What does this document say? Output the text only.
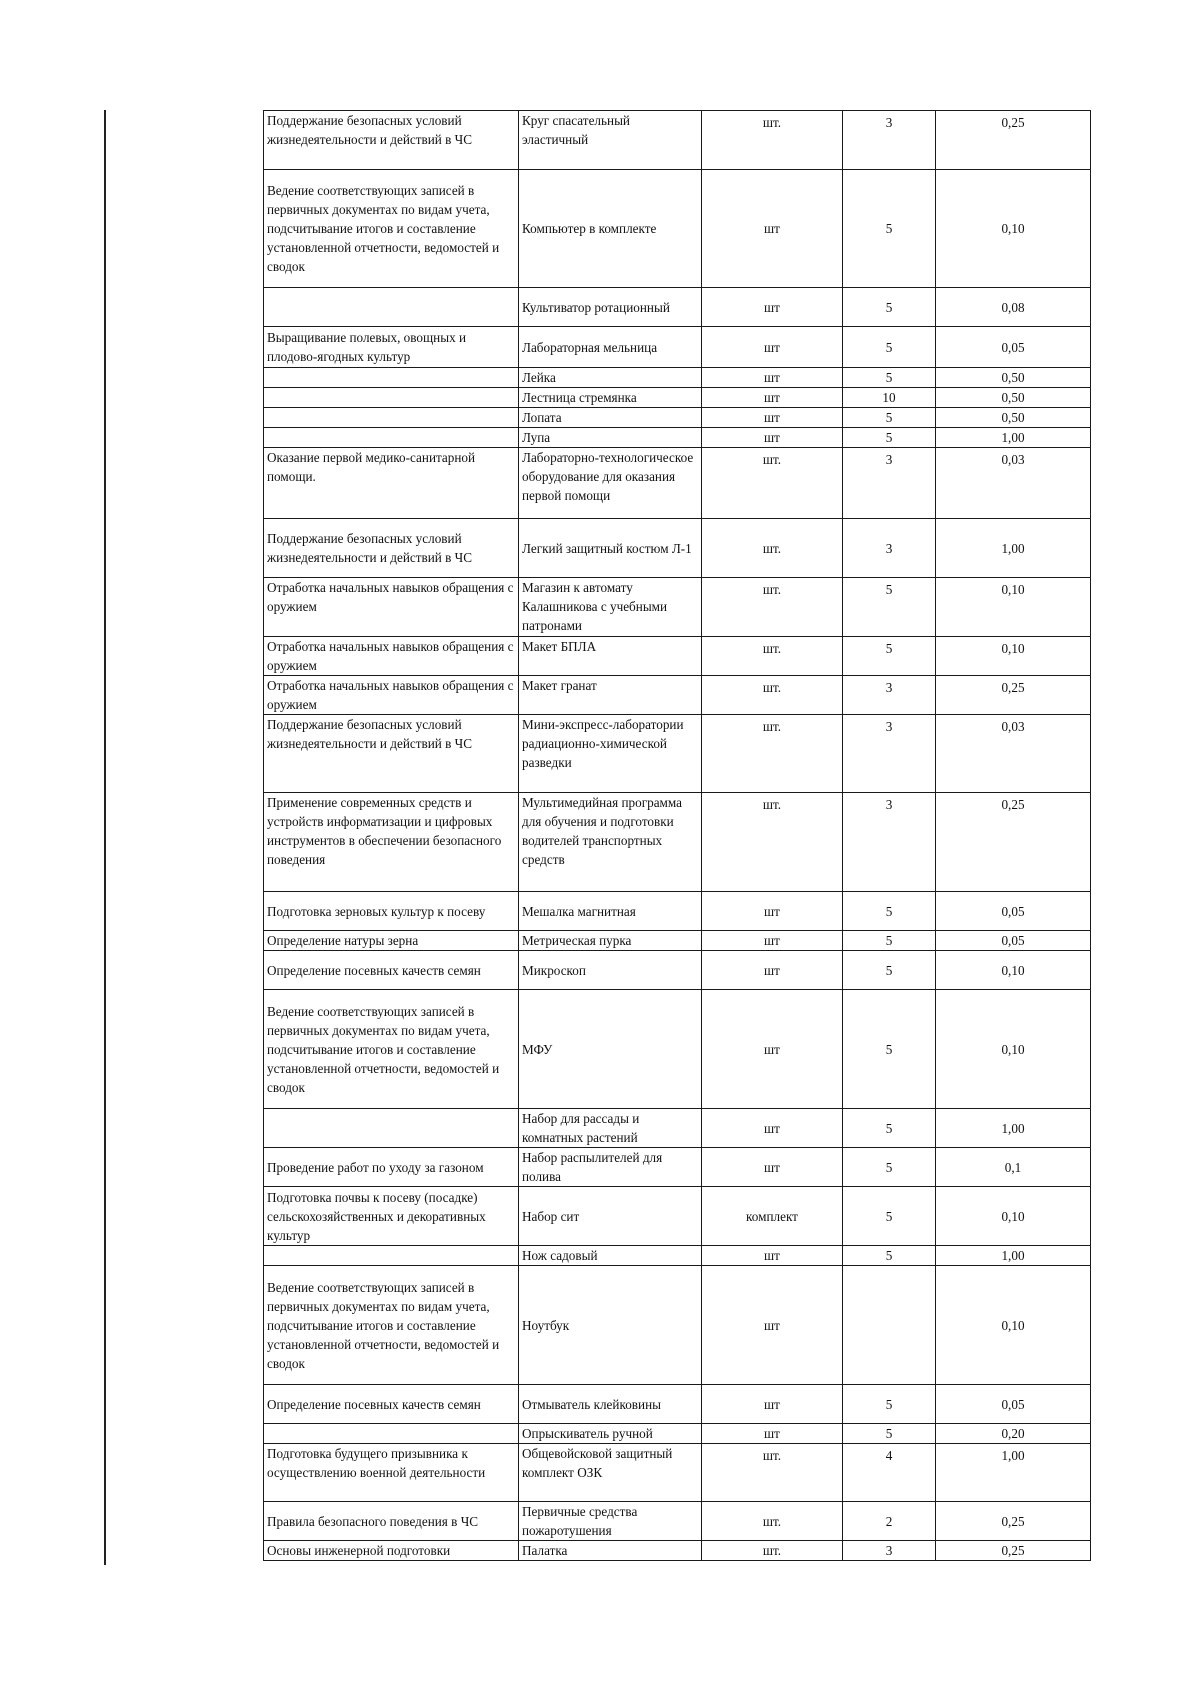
Поддержание безопасных условий жизнедеятельности и действий в ЧС	Круг спасательный эластичный	шт.	3	0,25
Ведение соответствующих записей в первичных документах по видам учета, подсчитывание итогов и составление установленной отчетности, ведомостей и сводок	Компьютер в комплекте	шт	5	0,10
	Культиватор ротационный	шт	5	0,08
Выращивание полевых, овощных и плодово-ягодных культур	Лабораторная мельница	шт	5	0,05
	Лейка	шт	5	0,50
	Лестница стремянка	шт	10	0,50
	Лопата	шт	5	0,50
	Лупа	шт	5	1,00
Оказание первой медико-санитарной помощи.	Лабораторно-технологическое оборудование для оказания первой помощи	шт.	3	0,03
Поддержание безопасных условий жизнедеятельности и действий в ЧС	Легкий защитный костюм Л-1	шт.	3	1,00
Отработка начальных навыков обращения с оружием	Магазин к автомату Калашникова с учебными патронами	шт.	5	0,10
Отработка начальных навыков обращения с оружием	Макет БПЛА	шт.	5	0,10
Отработка начальных навыков обращения с оружием	Макет гранат	шт.	3	0,25
Поддержание безопасных условий жизнедеятельности и действий в ЧС	Мини-экспресс-лаборатории радиационно-химической разведки	шт.	3	0,03
Применение современных средств и устройств информатизации и цифровых инструментов в обеспечении безопасного поведения	Мультимедийная программа для обучения и подготовки водителей транспортных средств	шт.	3	0,25
Подготовка зерновых культур к посеву	Мешалка магнитная	шт	5	0,05
Определение натуры зерна	Метрическая пурка	шт	5	0,05
Определение посевных качеств семян	Микроскоп	шт	5	0,10
Ведение соответствующих записей в первичных документах по видам учета, подсчитывание итогов и составление установленной отчетности, ведомостей и сводок	МФУ	шт	5	0,10
	Набор для рассады и комнатных растений	шт	5	1,00
Проведение работ по уходу за газоном	Набор распылителей для полива	шт	5	0,1
Подготовка почвы к посеву (посадке) сельскохозяйственных и декоративных культур	Набор сит	комплект	5	0,10
	Нож садовый	шт	5	1,00
Ведение соответствующих записей в первичных документах по видам учета, подсчитывание итогов и составление установленной отчетности, ведомостей и сводок	Ноутбук	шт		0,10
Определение посевных качеств семян	Отмыватель клейковины	шт	5	0,05
	Опрыскиватель ручной	шт	5	0,20
Подготовка будущего призывника к осуществлению военной деятельности	Общевойсковой защитный комплект ОЗК	шт.	4	1,00
Правила безопасного поведения в ЧС	Первичные средства пожаротушения	шт.	2	0,25
Основы инженерной подготовки	Палатка	шт.	3	0,25
